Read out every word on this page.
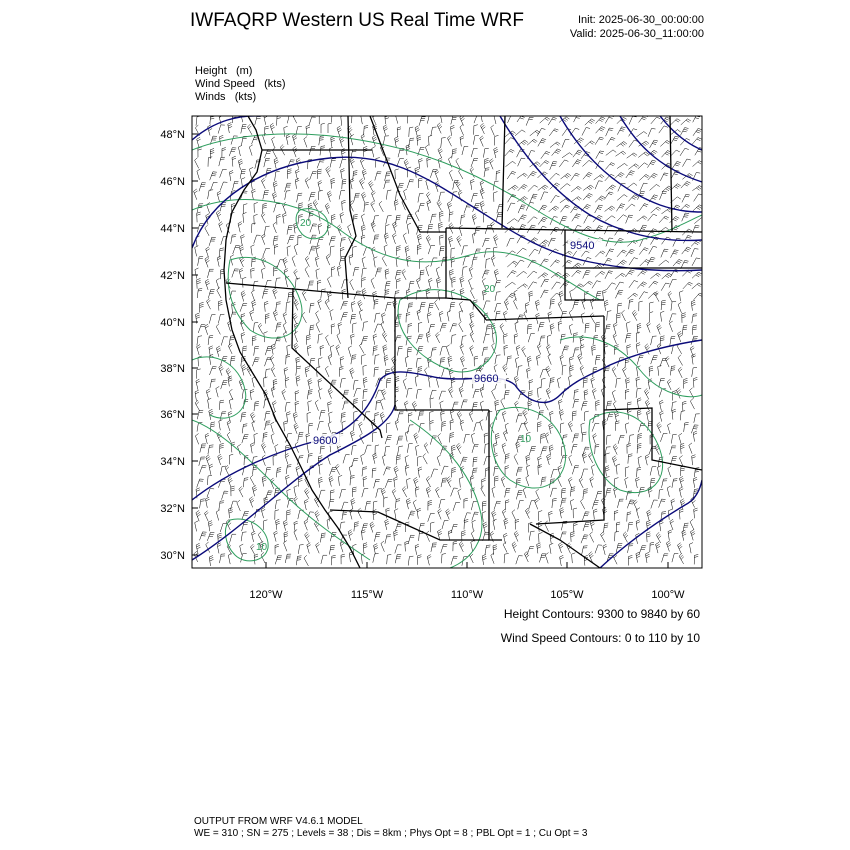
IWFAQRP Western US Real Time WRF	Init: 2025-06-30_00:00:00
Valid: 2025-06-30_11:00:00
Height (m)
Wind Speed (kts)
Winds (kts)
48°N
46°N
44°N
42°N
40°N
38°N
36°N
34°N
32°N
30°N
120°W	115°W	110°W	105°W	100°W
9540
9600
9660
20
20
10
10
Height Contours: 9300 to 9840 by 60
Wind Speed Contours: 0 to 110 by 10
OUTPUT FROM WRF V4.6.1 MODEL
WE = 310 ; SN = 275 ; Levels = 38 ; Dis = 8km ; Phys Opt = 8 ; PBL Opt = 1 ; Cu Opt = 3
